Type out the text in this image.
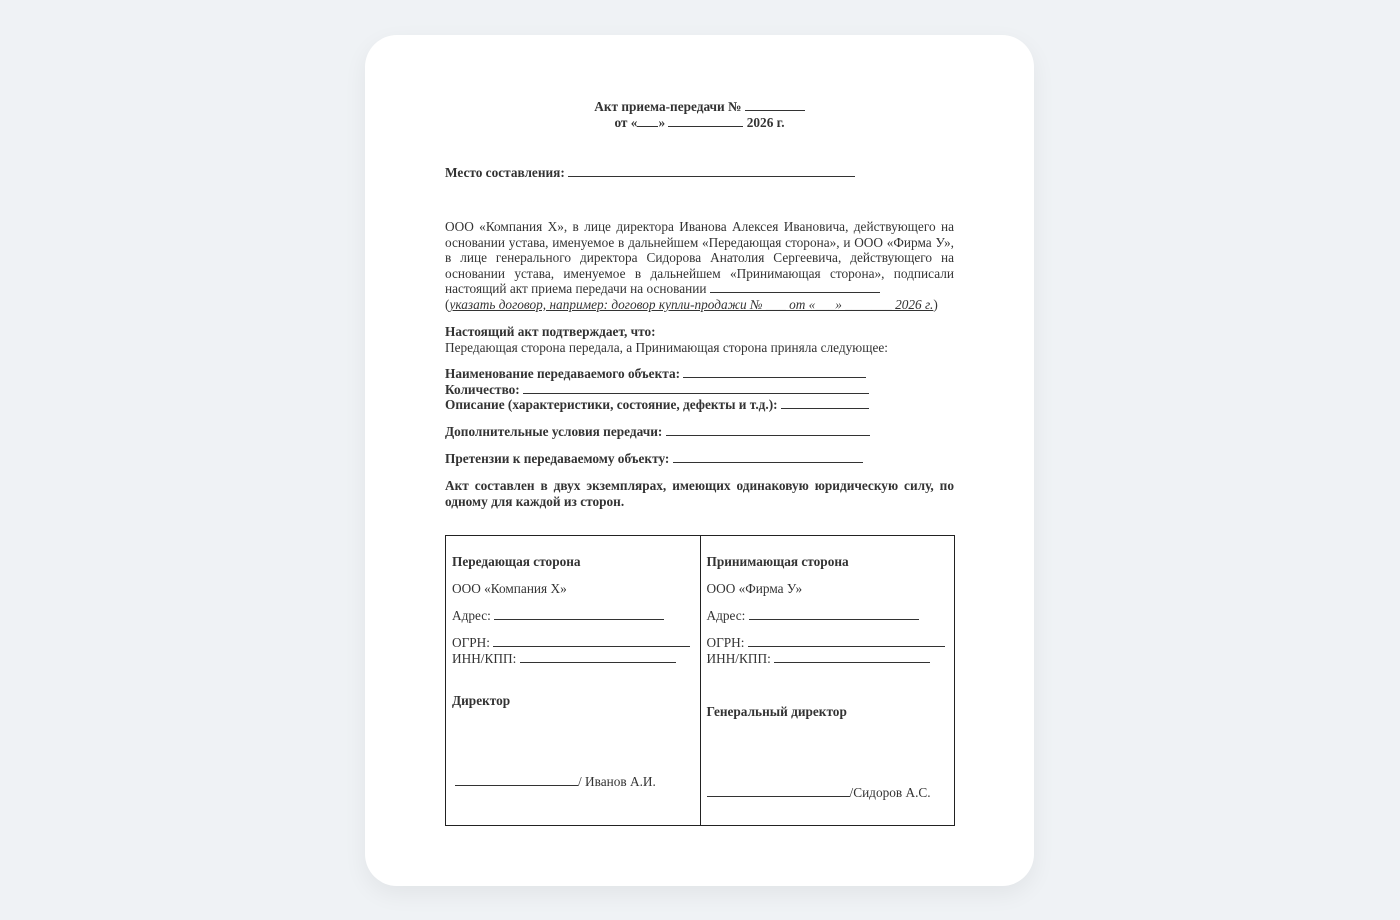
Акт приема-передачи №
от « »	2026 г.
Место составления:
ООО «Компания Х», в лице директора Иванова Алексея Ивановича, действующего на основании устава, именуемое в дальнейшем «Передающая сторона», и ООО «Фирма У», в лице генерального директора Сидорова Анатолия Сергеевича, действующего на основании устава, именуемое в дальнейшем «Принимающая сторона», подписали настоящий акт приема передачи на основании
(указать договор, например: договор купли-продажи № ___ от «___» _______ 2026 г.)
Настоящий акт подтверждает, что:
Передающая сторона передала, а Принимающая сторона приняла следующее:
Наименование передаваемого объекта:
Количество:
Описание (характеристики, состояние, дефекты и т.д.):
Дополнительные условия передачи:
Претензии к передаваемому объекту:
Акт составлен в двух экземплярах, имеющих одинаковую юридическую силу, по одному для каждой из сторон.
Передающая сторона
ООО «Компания Х»
Адрес:
ОГРН:
ИНН/КПП:
Директор
/ Иванов А.И.

Принимающая сторона
ООО «Фирма У»
Адрес:
ОГРН:
ИНН/КПП:
Генеральный директор
/Сидоров А.С.
